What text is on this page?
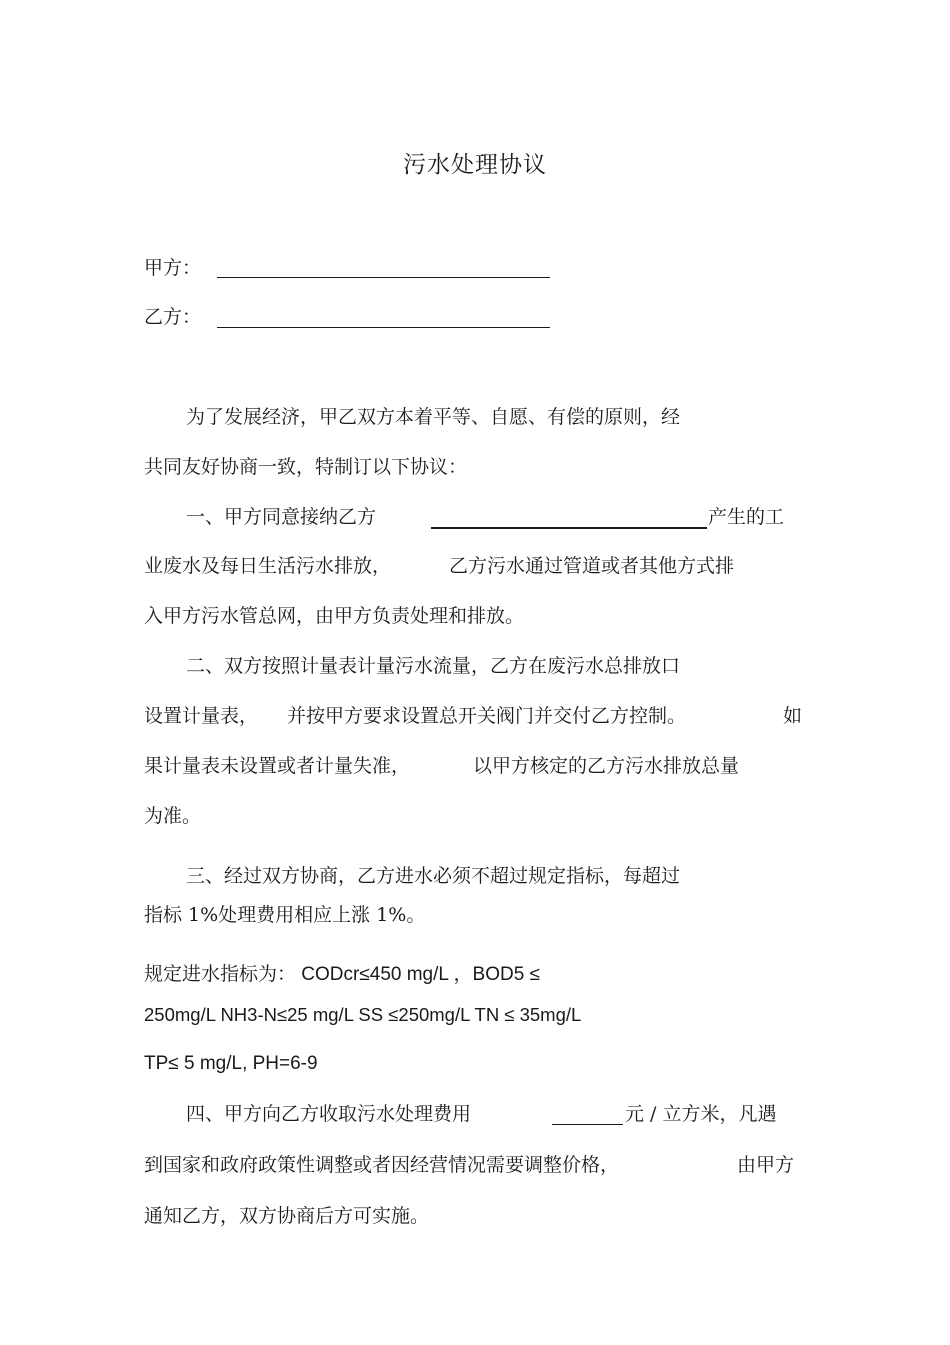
污水处理协议
甲方：
乙方：
为了发展经济，甲乙双方本着平等、自愿、有偿的原则，经
共同友好协商一致，特制订以下协议：
一、甲方同意接纳乙方	产生的工
业废水及每日生活污水排放，	乙方污水通过管道或者其他方式排
入甲方污水管总网，由甲方负责处理和排放。
二、双方按照计量表计量污水流量，乙方在废污水总排放口
设置计量表， 并按甲方要求设置总开关阀门并交付乙方控制。	如
果计量表未设置或者计量失准，	以甲方核定的乙方污水排放总量
为准。
三、经过双方协商，乙方进水必须不超过规定指标，每超过
指标 1%处理费用相应上涨 1%。
规定进水指标为： CODcr≤450 mg/L ，BOD5 ≤
250mg/L NH3-N≤25 mg/L SS ≤250mg/L TN ≤ 35mg/L
TP≤ 5 mg/L, PH=6-9
四、甲方向乙方收取污水处理费用	元 / 立方米，凡遇
到国家和政府政策性调整或者因经营情况需要调整价格，	由甲方
通知乙方，双方协商后方可实施。
